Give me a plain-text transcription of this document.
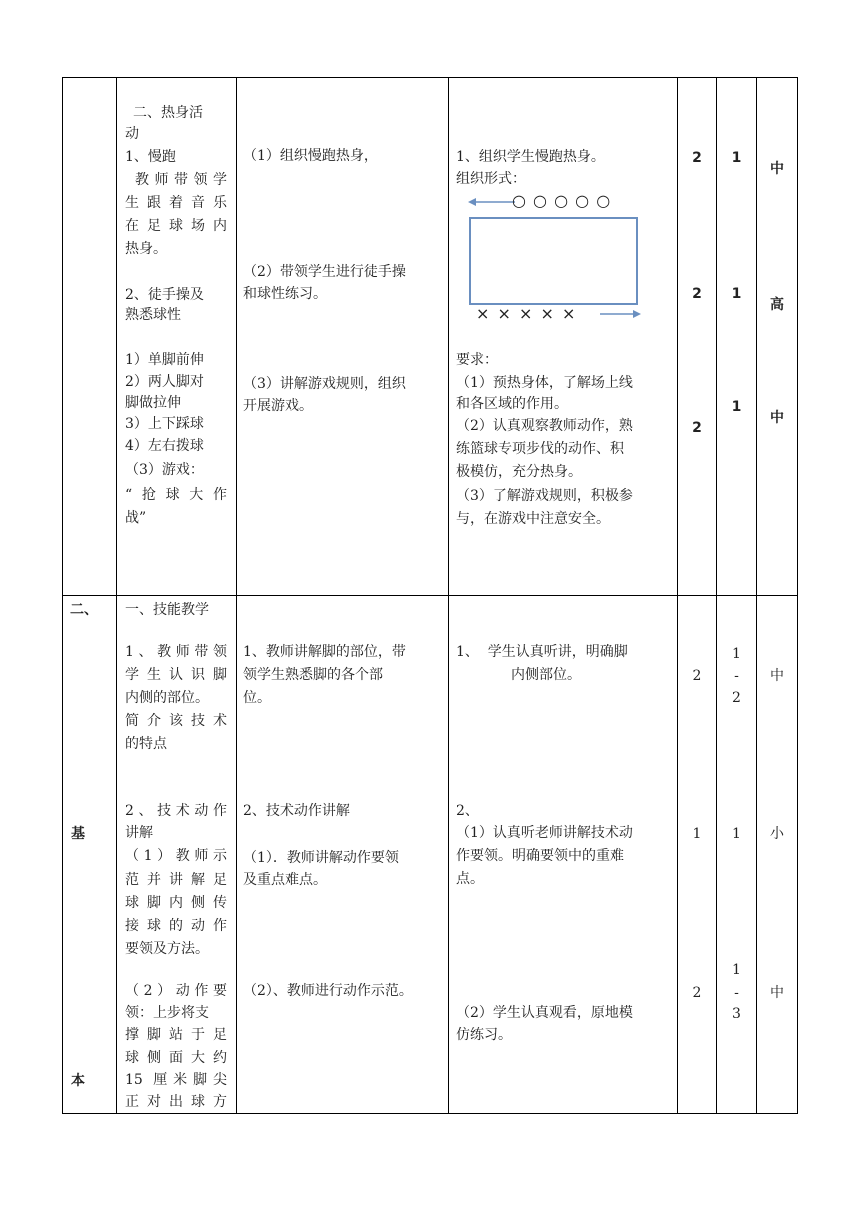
二、热身活
动
1、慢跑
教师带领学
生跟着音乐
在足球场内
热身。
2、徒手操及
熟悉球性
1）单脚前伸
2）两人脚对
脚做拉伸
3）上下踩球
4）左右拨球
（3）游戏：
“抢球大作
战”
（1）组织慢跑热身，
（2）带领学生进行徒手操
和球性练习。
（3）讲解游戏规则，组织
开展游戏。
1、组织学生慢跑热身。
组织形式：
○ ○ ○ ○ ○
× × × × ×
要求：
（1）预热身体，了解场上线
和各区域的作用。
（2）认真观察教师动作，熟
练篮球专项步伐的动作、积
极模仿，充分热身。
（3）了解游戏规则，积极参
与，在游戏中注意安全。
2
2
2
1
1
1
中
高
中
二、
基
本
一、技能教学
1、教师带领
学生认识脚
内侧的部位。
简介该技术
的特点
2、技术动作
讲解
（1）教师示
范并讲解足
球脚内侧传
接球的动作
要领及方法。
（2）动作要
领：上步将支
撑脚站于足
球侧面大约
15 厘米脚尖
正对出球方
1、教师讲解脚的部位，带
领学生熟悉脚的各个部
位。
2、技术动作讲解
（1）．教师讲解动作要领
及重点难点。
（2）、教师进行动作示范。
1、  学生认真听讲，明确脚
内侧部位。
2、
（1）认真听老师讲解技术动
作要领。明确要领中的重难
点。
（2）学生认真观看，原地模
仿练习。
2
1
2
1
-
2
1
1
-
3
中
小
中
